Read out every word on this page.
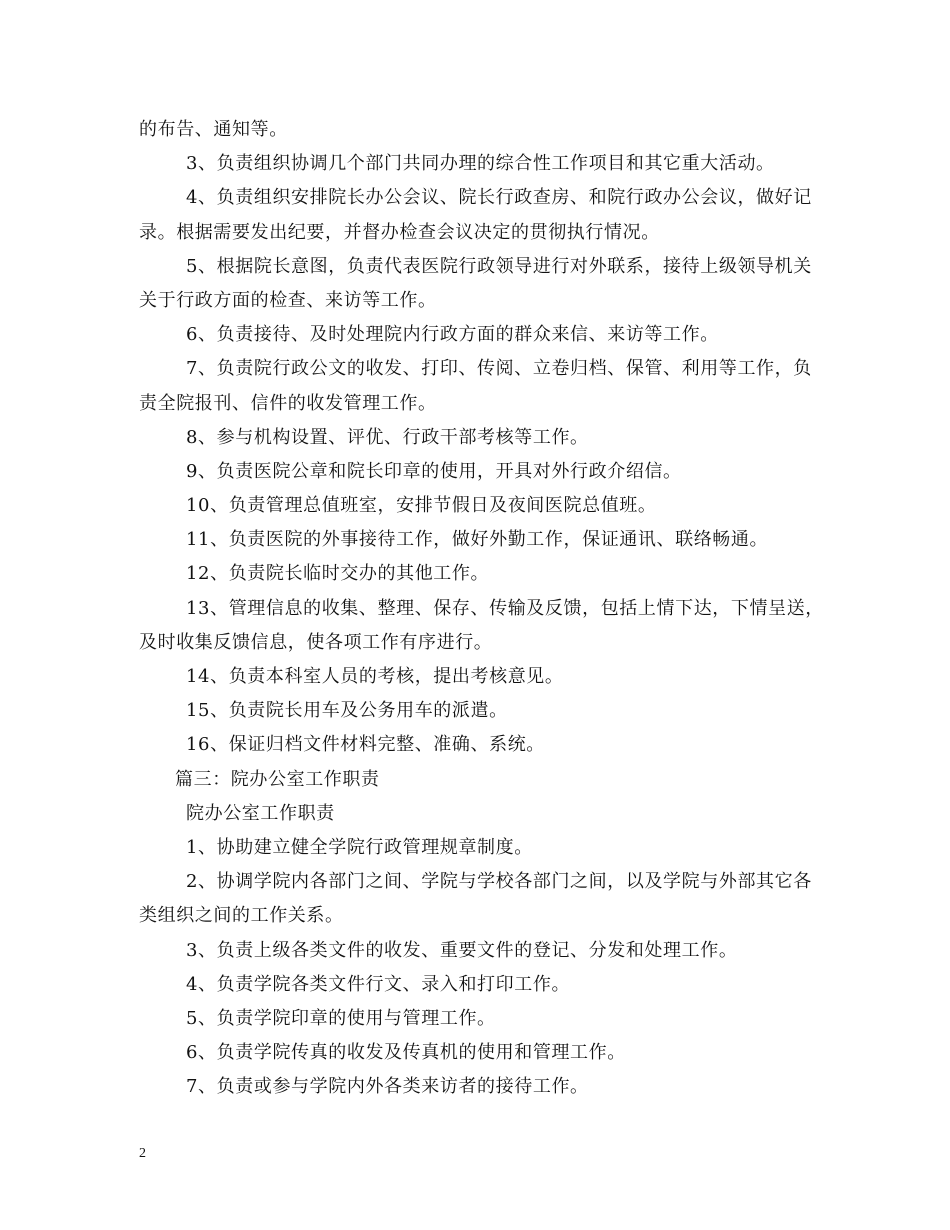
的布告、通知等。
3、负责组织协调几个部门共同办理的综合性工作项目和其它重大活动。
4、负责组织安排院长办公会议、院长行政查房、和院行政办公会议，做好记
录。根据需要发出纪要，并督办检查会议决定的贯彻执行情况。
5、根据院长意图，负责代表医院行政领导进行对外联系，接待上级领导机关
关于行政方面的检查、来访等工作。
6、负责接待、及时处理院内行政方面的群众来信、来访等工作。
7、负责院行政公文的收发、打印、传阅、立卷归档、保管、利用等工作，负
责全院报刊、信件的收发管理工作。
8、参与机构设置、评优、行政干部考核等工作。
9、负责医院公章和院长印章的使用，开具对外行政介绍信。
10、负责管理总值班室，安排节假日及夜间医院总值班。
11、负责医院的外事接待工作，做好外勤工作，保证通讯、联络畅通。
12、负责院长临时交办的其他工作。
13、管理信息的收集、整理、保存、传输及反馈，包括上情下达，下情呈送，
及时收集反馈信息，使各项工作有序进行。
14、负责本科室人员的考核，提出考核意见。
15、负责院长用车及公务用车的派遣。
16、保证归档文件材料完整、准确、系统。
篇三：院办公室工作职责
院办公室工作职责
1、协助建立健全学院行政管理规章制度。
2、协调学院内各部门之间、学院与学校各部门之间，以及学院与外部其它各
类组织之间的工作关系。
3、负责上级各类文件的收发、重要文件的登记、分发和处理工作。
4、负责学院各类文件行文、录入和打印工作。
5、负责学院印章的使用与管理工作。
6、负责学院传真的收发及传真机的使用和管理工作。
7、负责或参与学院内外各类来访者的接待工作。
2
